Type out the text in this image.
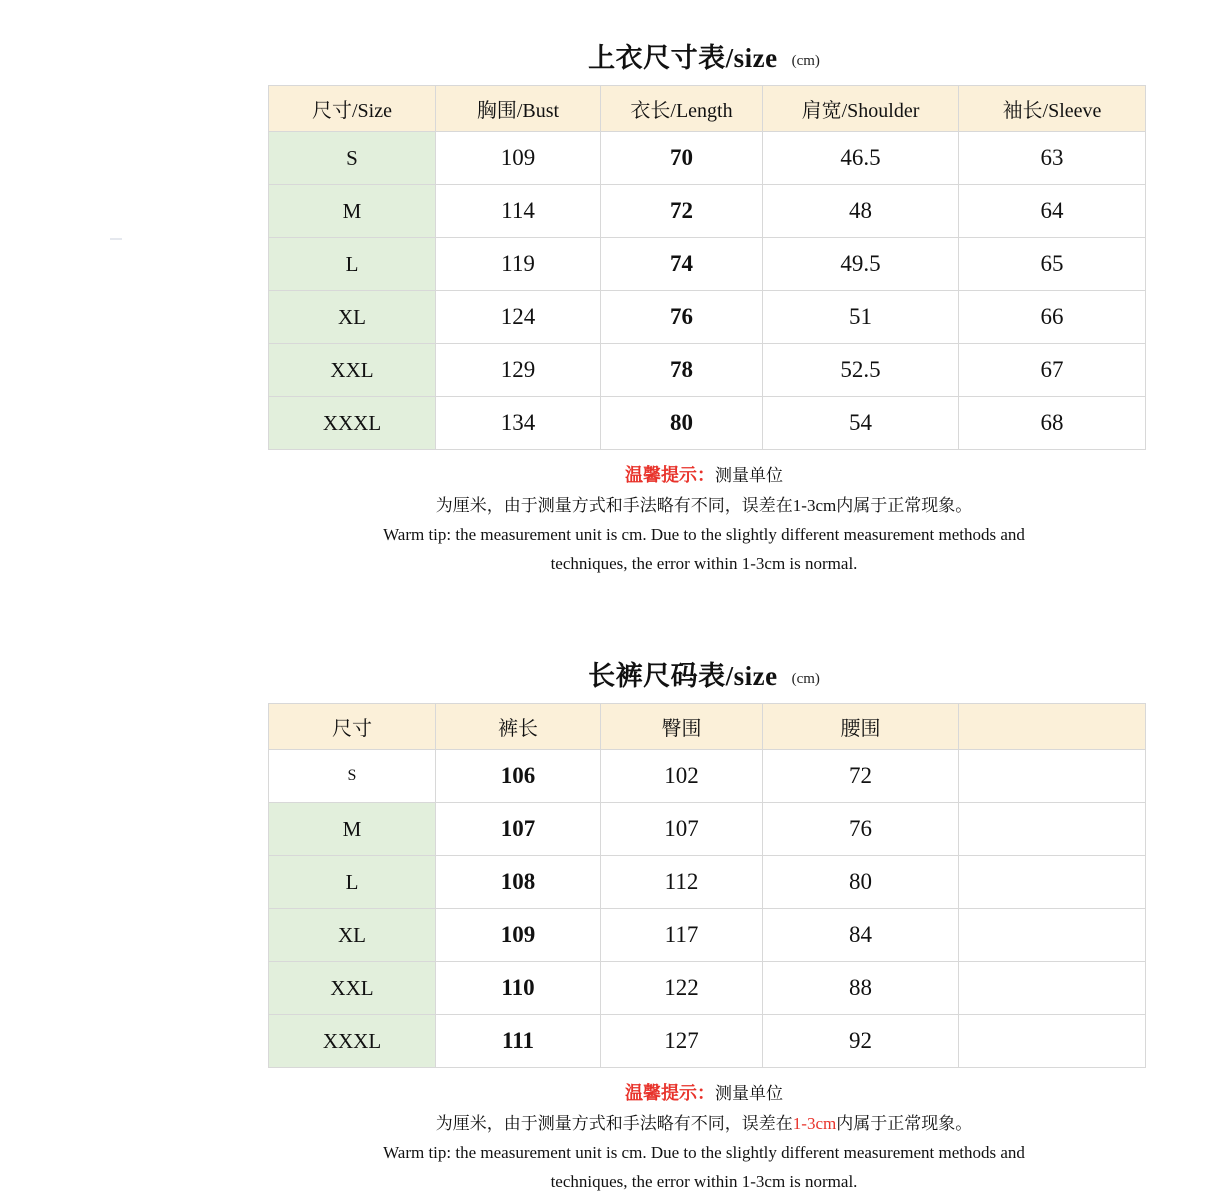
上衣尺寸表/size (cm)
尺寸/Size	胸围/Bust	衣长/Length	肩宽/Shoulder	袖长/Sleeve
S	109	70	46.5	63
M	114	72	48	64
L	119	74	49.5	65
XL	124	76	51	66
XXL	129	78	52.5	67
XXXL	134	80	54	68
温馨提示：测量单位
为厘米，由于测量方式和手法略有不同，误差在1-3cm内属于正常现象。
Warm tip: the measurement unit is cm. Due to the slightly different measurement methods and
techniques, the error within 1-3cm is normal.
长裤尺码表/size (cm)
尺寸	裤长	臀围	腰围	
S	106	102	72	
M	107	107	76	
L	108	112	80	
XL	109	117	84	
XXL	110	122	88	
XXXL	111	127	92	
温馨提示：测量单位
为厘米，由于测量方式和手法略有不同，误差在1-3cm内属于正常现象。
Warm tip: the measurement unit is cm. Due to the slightly different measurement methods and
techniques, the error within 1-3cm is normal.
